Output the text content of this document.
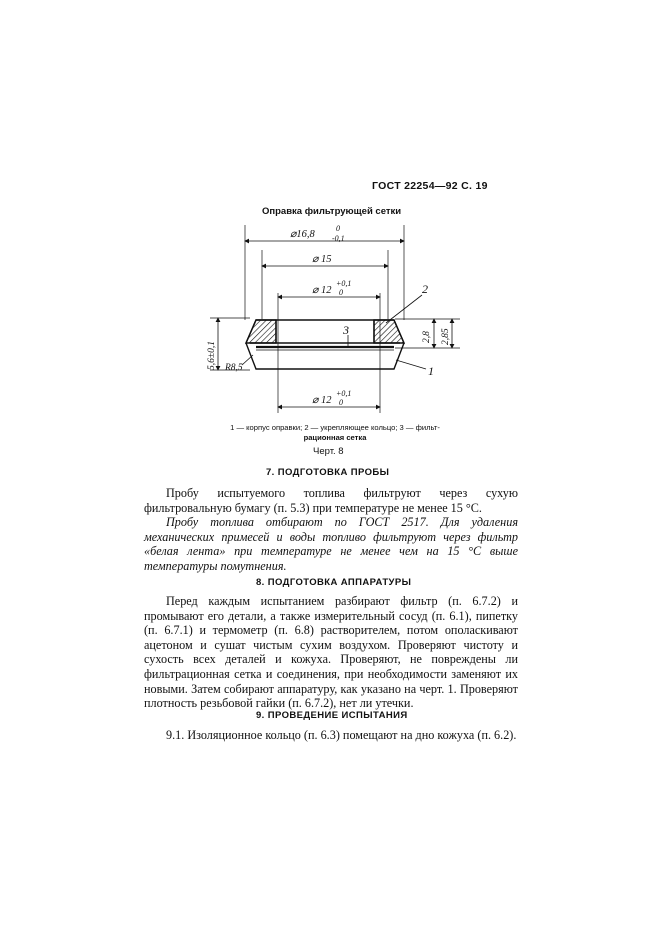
ГОСТ 22254—92 С. 19
Оправка фильтрующей сетки
⌀16,8
0
-0,1
⌀ 15
⌀ 12
+0,1
0
⌀ 12
+0,1
0
5,6±0,1 R8,5
2,8 2,85
2
1
3
1 — корпус оправки; 2 — укрепляющее кольцо; 3 — фильт-
рационная сетка
Черт. 8
7. ПОДГОТОВКА ПРОБЫ

Пробу испытуемого топлива фильтруют через сухую фильтровальную бумагу (п. 5.3) при температуре не менее 15 °С.

Пробу топлива отбирают по ГОСТ 2517. Для удаления механических примесей и воды топливо фильтруют через фильтр «белая лента» при температуре не менее чем на 15 °С выше температуры помутнения.

8. ПОДГОТОВКА АППАРАТУРЫ

Перед каждым испытанием разбирают фильтр (п. 6.7.2) и промывают его детали, а также измерительный сосуд (п. 6.1), пипетку (п. 6.7.1) и термометр (п. 6.8) растворителем, потом ополаскивают ацетоном и сушат чистым сухим воздухом. Проверяют чистоту и сухость всех деталей и кожуха. Проверяют, не повреждены ли фильтрационная сетка и соединения, при необходимости заменяют их новыми. Затем собирают аппаратуру, как указано на черт. 1. Проверяют плотность резьбовой гайки (п. 6.7.2), нет ли утечки.

9. ПРОВЕДЕНИЕ ИСПЫТАНИЯ

9.1. Изоляционное кольцо (п. 6.3) помещают на дно кожуха (п. 6.2).
